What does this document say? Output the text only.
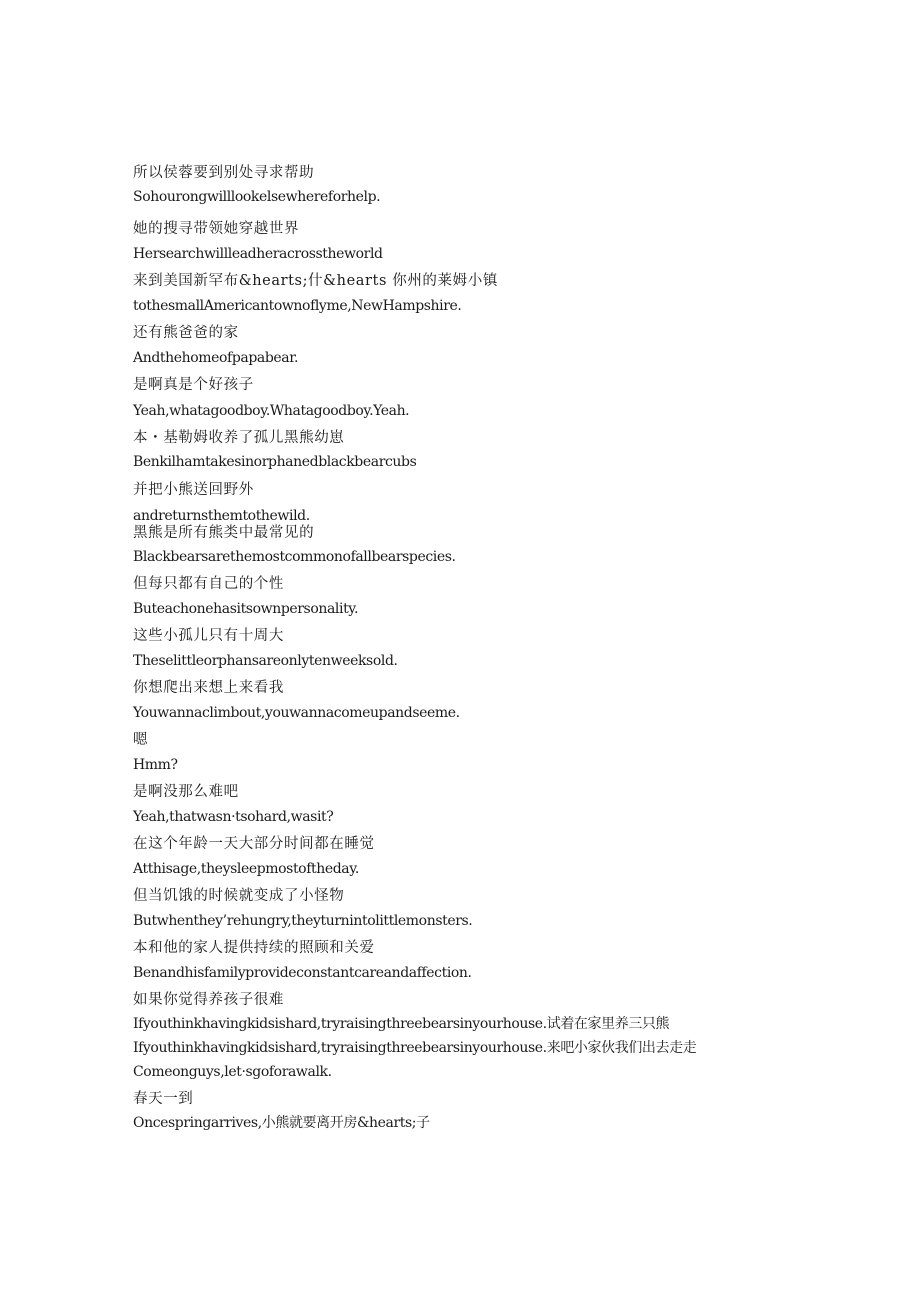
所以侯蓉要到别处寻求帮助
Sohourongwilllookelsewhereforhelp.
她的搜寻带领她穿越世界
Hersearchwillleadheracrosstheworld
来到美国新罕布&hearts;什&hearts 你州的莱姆小镇
tothesmallAmericantownoflyme,NewHampshire.
还有熊爸爸的家
Andthehomeofpapabear.
是啊真是个好孩子
Yeah,whatagoodboy.Whatagoodboy.Yeah.
本・基勒姆收养了孤儿黑熊幼崽
Benkilhamtakesinorphanedblackbearcubs
并把小熊送回野外
andreturnsthemtothewild.
黑熊是所有熊类中最常见的
Blackbearsarethemostcommonofallbearspecies.
但每只都有自己的个性
Buteachonehasitsownpersonality.
这些小孤儿只有十周大
Theselittleorphansareonlytenweeksold.
你想爬出来想上来看我
Youwannaclimbout,youwannacomeupandseeme.
嗯
Hmm?
是啊没那么难吧
Yeah,thatwasn·tsohard,wasit?
在这个年龄一天大部分时间都在睡觉
Atthisage,theysleepmostoftheday.
但当饥饿的时候就变成了小怪物
Butwhenthey’rehungry,theyturnintolittlemonsters.
本和他的家人提供持续的照顾和关爱
Benandhisfamilyprovideconstantcareandaffection.
如果你觉得养孩子很难
Ifyouthinkhavingkidsishard,tryraisingthreebearsinyourhouse.试着在家里养三只熊
Ifyouthinkhavingkidsishard,tryraisingthreebearsinyourhouse.来吧小家伙我们出去走走
Comeonguys,let·sgoforawalk.
春天一到
Oncespringarrives,小熊就要离开房&hearts;子
